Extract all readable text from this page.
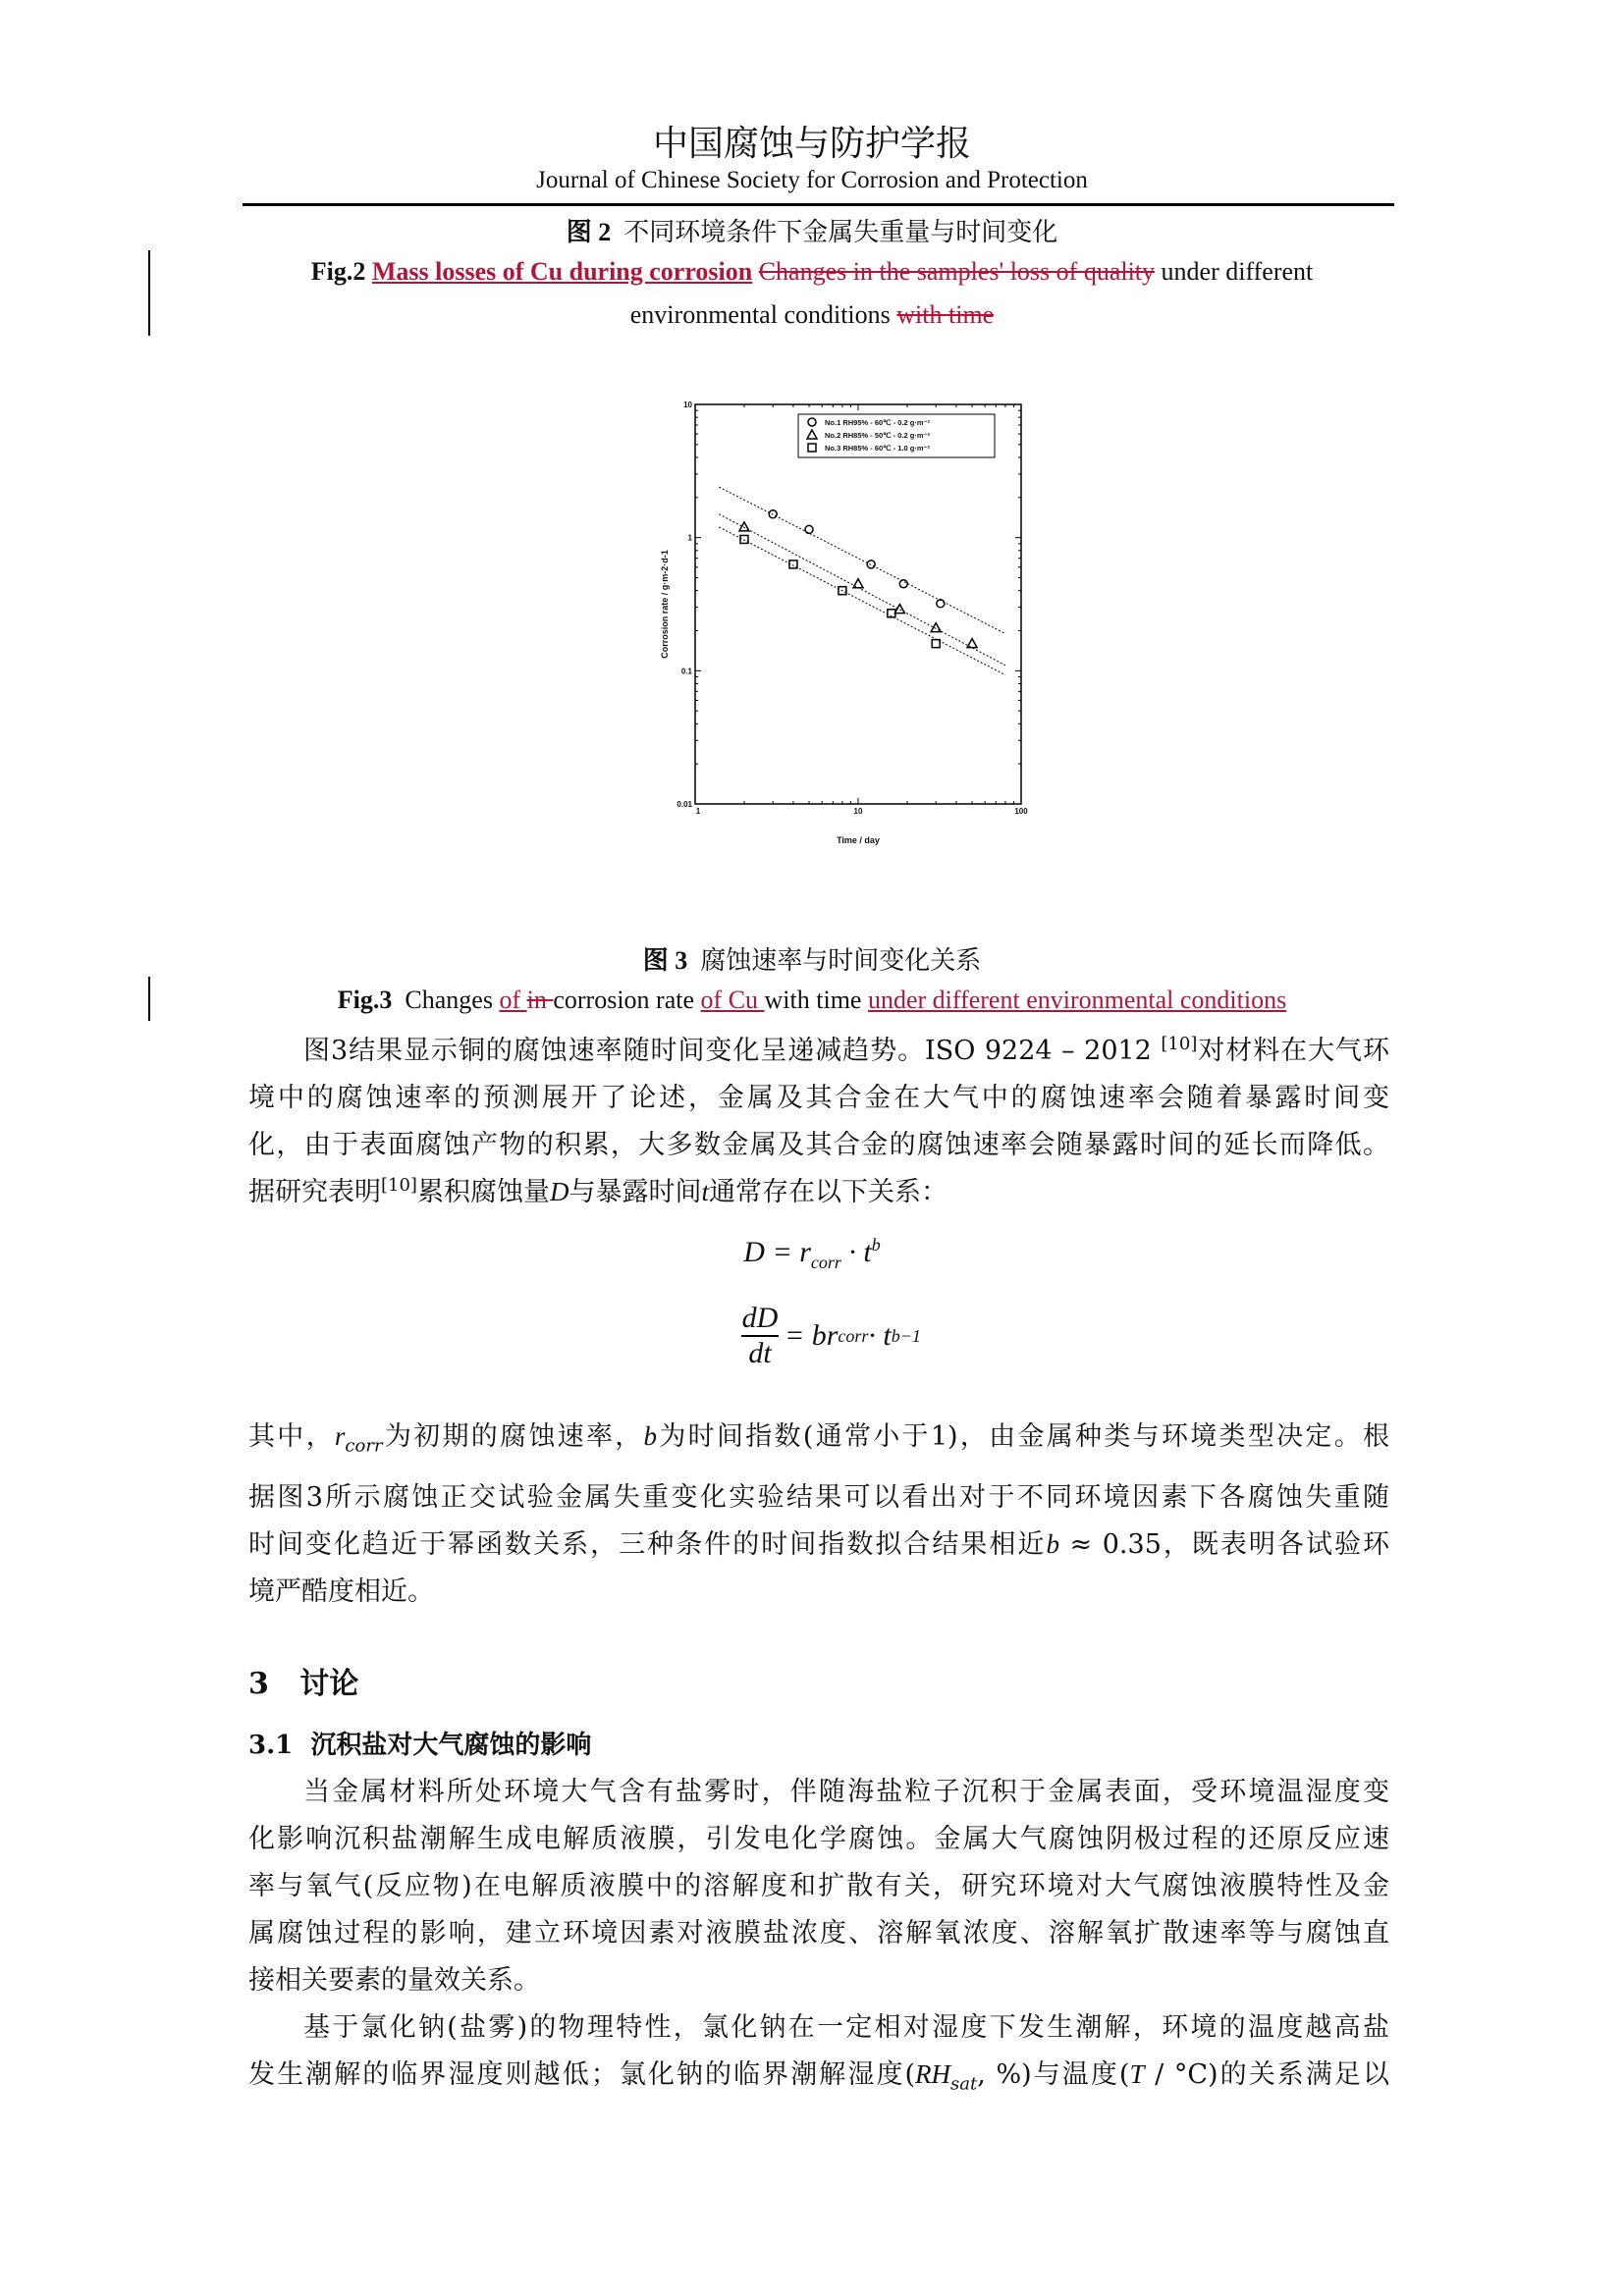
中国腐蚀与防护学报
Journal of Chinese Society for Corrosion and Protection
图 2 不同环境条件下金属失重量与时间变化
Fig.2 Mass losses of Cu during corrosion Changes in the samples' loss of quality under different
environmental conditions with time
0.01
0.1
1
10
1	10	100
Time / day
Corrosion rate / g·m-2·d-1
No.1 RH95% - 60℃ - 0.2 g·m⁻²
No.2 RH85% - 50℃ - 0.2 g·m⁻²
No.3 RH85% - 60℃ - 1.0 g·m⁻²
图 3 腐蚀速率与时间变化关系
Fig.3  Changes of in corrosion rate of Cu with time under different environmental conditions
图3结果显示铜的腐蚀速率随时间变化呈递减趋势。ISO 9224 – 2012 [10]对材料在大气环
境中的腐蚀速率的预测展开了论述，金属及其合金在大气中的腐蚀速率会随着暴露时间变
化，由于表面腐蚀产物的积累，大多数金属及其合金的腐蚀速率会随暴露时间的延长而降低。
据研究表明[10]累积腐蚀量D与暴露时间t通常存在以下关系：
$D = r_{corr} \cdot t^b$
dD
dt
= br corr · t b−1
其中，$r_{corr}$为初期的腐蚀速率，b为时间指数(通常小于1)，由金属种类与环境类型决定。根
据图3所示腐蚀正交试验金属失重变化实验结果可以看出对于不同环境因素下各腐蚀失重随
时间变化趋近于幂函数关系，三种条件的时间指数拟合结果相近b ≈ 0.35，既表明各试验环
境严酷度相近。
3 讨论
3.1 沉积盐对大气腐蚀的影响
当金属材料所处环境大气含有盐雾时，伴随海盐粒子沉积于金属表面，受环境温湿度变
化影响沉积盐潮解生成电解质液膜，引发电化学腐蚀。金属大气腐蚀阴极过程的还原反应速
率与氧气(反应物)在电解质液膜中的溶解度和扩散有关，研究环境对大气腐蚀液膜特性及金
属腐蚀过程的影响，建立环境因素对液膜盐浓度、溶解氧浓度、溶解氧扩散速率等与腐蚀直
接相关要素的量效关系。
基于氯化钠(盐雾)的物理特性，氯化钠在一定相对湿度下发生潮解，环境的温度越高盐
发生潮解的临界湿度则越低；氯化钠的临界潮解湿度($RH_{sat}$, %)与温度(T / °C)的关系满足以
